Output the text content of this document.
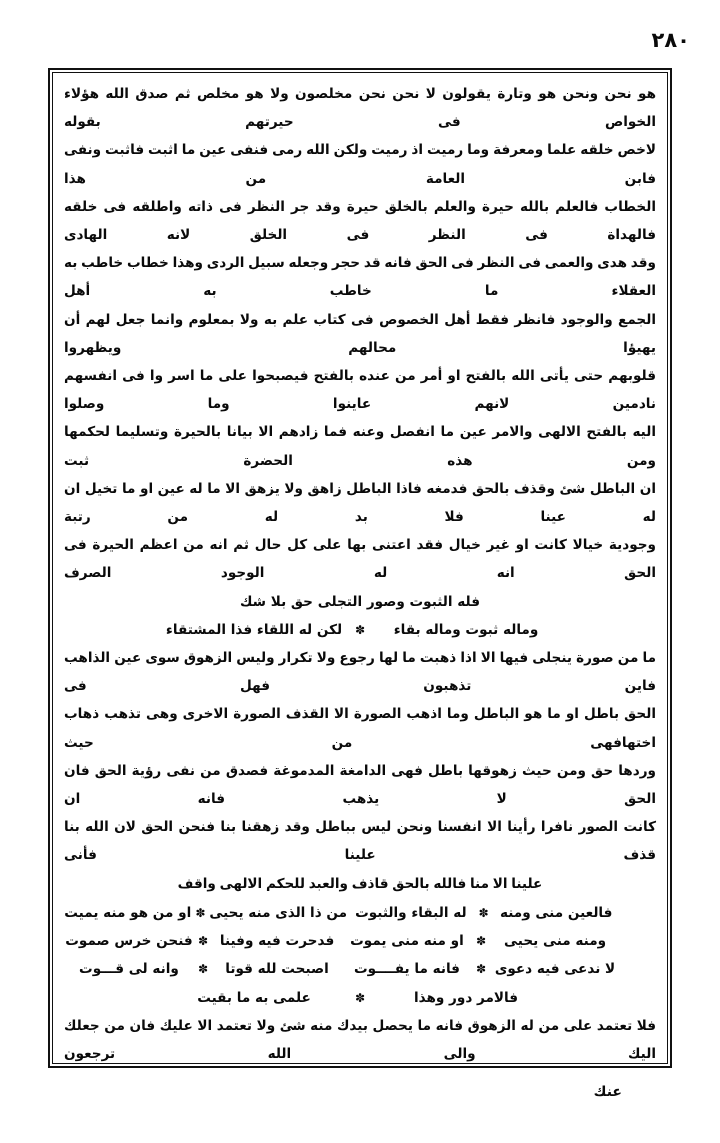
٢٨٠

هو نحن ونحن هو وتارة يقولون لا نحن نحن مخلصون ولا هو مخلص ثم صدق الله هؤلاء الخواص فى حيرتهم بقوله

لاخص خلقه علما ومعرفة وما رميت اذ رميت ولكن الله رمى فنفى عين ما اثبت فاثبت ونفى فابن العامة من هذا

الخطاب فالعلم بالله حيرة والعلم بالخلق حيرة وقد جر النظر فى ذاته واطلقه فى خلقه فالهداة فى النظر فى الخلق لانه الهادى

وقد هدى والعمى فى النظر فى الحق فانه قد حجر وجعله سبيل الردى وهذا خطاب خاطب به العقلاء ما خاطب به أهل

الجمع والوجود فانظر فقط أهل الخصوص فى كتاب علم به ولا بمعلوم وانما جعل لهم أن يهيؤا محالهم ويظهروا

قلوبهم حتى يأتى الله بالفتح او أمر من عنده بالفتح فيصبحوا على ما اسر وا فى انفسهم نادمين لانهم عاينوا وما وصلوا

اليه بالفتح الالهى والامر عين ما انفصل وعنه فما زادهم الا بيانا بالحيرة وتسليما لحكمها ومن هذه الحضرة ثبت

ان الباطل شئ وقذف بالحق فدمغه فاذا الباطل زاهق ولا يزهق الا ما له عين او ما تخيل ان له عينا فلا بد له من رتبة

وجودية خيالا كانت او غير خيال فقد اعتنى بها على كل حال ثم انه من اعظم الحيرة فى الحق انه له الوجود الصرف

فله الثبوت وصور التجلى حق بلا شك

وماله ثبوت وماله بقاء
✽
لكن له اللقاء فذا المشتقاء

ما من صورة ينجلى فيها الا اذا ذهبت ما لها رجوع ولا تكرار وليس الزهوق سوى عين الذاهب فاين تذهبون فهل فى

الحق باطل او ما هو الباطل وما اذهب الصورة الا القذف الصورة الاخرى وهى تذهب ذهاب اختهافهى من حيث

وردها حق ومن حيث زهوقها باطل فهى الدامغة المدموغة فصدق من نفى رؤية الحق فان الحق لا يذهب فانه ان

كانت الصور نافرا رأينا الا انفسنا ونحن ليس بباطل وقد زهقنا بنا فنحن الحق لان الله بنا قذف علينا فأنى

علينا الا منا فالله بالحق قاذف والعبد للحكم الالهى واقف

فالعين منى ومنه
✽
له البقاء والثبوت
من ذا الذى منه يحيى
✽
او من هو منه يميت
ومنه منى يحيى
✽
او منه منى يموت
فدحرت فيه وفينا
✽
فنحن خرس صموت
لا ندعى فيه دعوى
✽
فانه ما يفــــوت
اصبحت لله قوتا
✽
وانه لى قـــوت
فالامر دور وهذا
✽
علمى به ما بقيت

فلا تعتمد على من له الزهوق فانه ما يحصل بيدك منه شئ ولا تعتمد الا عليك فان من جعلك اليك والى الله ترجعون

عنك
